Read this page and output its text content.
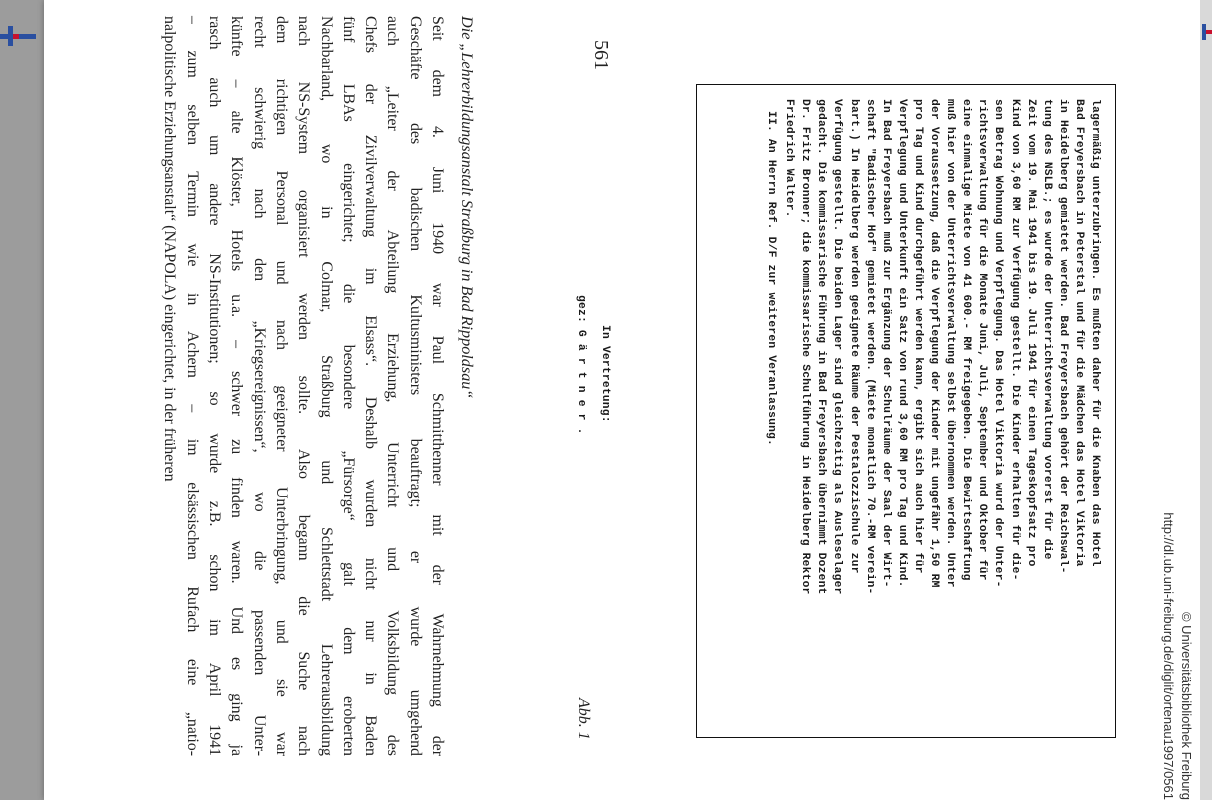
© Universitätsbibliothek Freiburg
http://dl.ub.uni-freiburg.de/diglit/ortenau1997/0561
lagermäßig unterzubringen. Es mußten daher für die Knaben das Hotel
Bad Freyersbach in Peterstal und für die Mädchen das Hotel Viktoria
in Heidelberg gemietet werden. Bad Freyersbach gehört der Reichswal-
tung des NSLB.; es wurde der Unterrichtsverwaltung vorerst für die
Zeit vom 19. Mai 1941 bis 19. Juli 1941 für einen Tageskopfsatz pro
Kind von 3,60 RM zur Verfügung gestellt. Die Kinder erhalten für die-
sen Betrag Wohnung und Verpflegung. Das Hotel Viktoria wurd der Unter-
richtsverwaltung für die Monate Juni, Juli, September und Oktober für
eine einmalige Miete von 41 600.- RM freigegeben. Die Bewirtschaftung
muß hier von der Unterrichtsverwaltung selbst übernommen werden. Unter
der Voraussetzung, daß die Verpflegung der Kinder mit ungefähr 1,50 RM
pro Tag und Kind durchgeführt werden kann, ergibt sich auch hier für
Verpflegung und Unterkunft ein Satz von rund 3,60 RM pro Tag und Kind.
In Bad Freyersbach muß zur Ergänzung der Schulräume der Saal der Wirt-
schaft "Badischer Hof" gemietet werden. (Miete monatlich 70.-RM verein-
bart.) In Heidelberg werden geeignete Räume der Pestalozzischule zur
Verfügung gestellt. Die beiden Lager sind gleichzeitig als Ausleselager
gedacht. Die kommissarische Führung in Bad Freyersbach übernimmt Dozent
Dr. Fritz Bronner; die kommissarische Schulführung in Heidelberg Rektor
Friedrich Walter.
II. An Herrn Ref. D/F zur weiteren Veranlassung.
In Vertretung:
gez: G ä r t n e r .
Abb. 1
Die „Lehrerbildungsanstalt Straßburg in Bad Rippoldsau“
Seit dem 4. Juni 1940 war Paul Schmitthenner mit der Wahrnehmung der
Geschäfte des badischen Kultusministers beauftragt; er wurde umgehend
auch „Leiter der Abteilung Erziehung, Unterricht und Volksbildung des
Chefs der Zivilverwaltung im Elsass“. Deshalb wurden nicht nur in Baden
fünf LBAs eingerichtet; die besondere „Fürsorge“ galt dem eroberten
Nachbarland, wo in Colmar, Straßburg und Schlettstadt Lehrerausbildung
nach NS-System organisiert werden sollte. Also begann die Suche nach
dem richtigen Personal und nach geeigneter Unterbringung, und sie war
recht schwierig nach den „Kriegsereignissen“, wo die passenden Unter-
künfte – alte Klöster, Hotels u.a. – schwer zu finden waren. Und es ging ja
rasch auch um andere NS-Institutionen; so wurde z.B. schon im April 1941
– zum selben Termin wie in Achern – im elsässischen Rufach eine „natio-
nalpolitische Erziehungsanstalt“ (NAPOLA) eingerichtet, in der früheren	561
